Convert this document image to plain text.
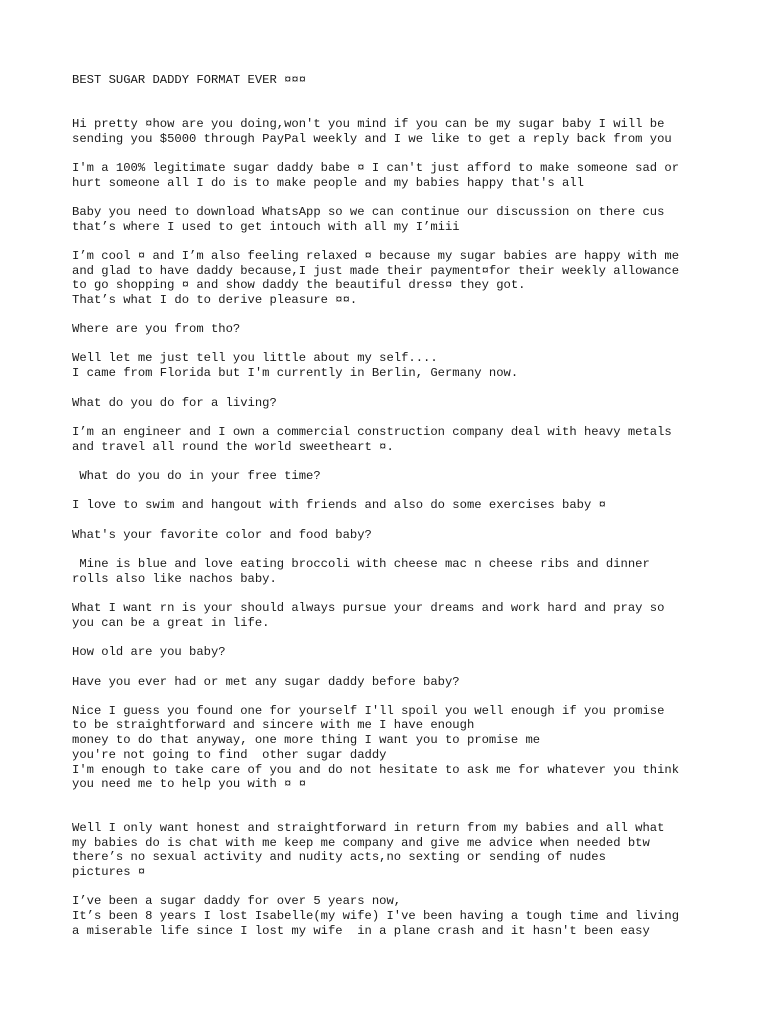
BEST SUGAR DADDY FORMAT EVER ¤¤¤

Hi pretty ¤how are you doing,won't you mind if you can be my sugar baby I will be

sending you $5000 through PayPal weekly and I we like to get a reply back from you

I'm a 100% legitimate sugar daddy babe ¤ I can't just afford to make someone sad or

hurt someone all I do is to make people and my babies happy that's all

Baby you need to download WhatsApp so we can continue our discussion on there cus

that’s where I used to get intouch with all my I’miii

I’m cool ¤ and I’m also feeling relaxed ¤ because my sugar babies are happy with me

and glad to have daddy because,I just made their payment¤for their weekly allowance

to go shopping ¤ and show daddy the beautiful dress¤ they got.

That’s what I do to derive pleasure ¤¤.

Where are you from tho?

Well let me just tell you little about my self....

I came from Florida but I'm currently in Berlin, Germany now.

What do you do for a living?

I’m an engineer and I own a commercial construction company deal with heavy metals

and travel all round the world sweetheart ¤.

What do you do in your free time?

I love to swim and hangout with friends and also do some exercises baby ¤

What's your favorite color and food baby?

Mine is blue and love eating broccoli with cheese mac n cheese ribs and dinner

rolls also like nachos baby.

What I want rn is your should always pursue your dreams and work hard and pray so

you can be a great in life.

How old are you baby?

Have you ever had or met any sugar daddy before baby?

Nice I guess you found one for yourself I'll spoil you well enough if you promise

to be straightforward and sincere with me I have enough

money to do that anyway, one more thing I want you to promise me

you're not going to find  other sugar daddy

I'm enough to take care of you and do not hesitate to ask me for whatever you think

you need me to help you with ¤ ¤

Well I only want honest and straightforward in return from my babies and all what

my babies do is chat with me keep me company and give me advice when needed btw

there’s no sexual activity and nudity acts,no sexting or sending of nudes

pictures ¤

I’ve been a sugar daddy for over 5 years now,

It’s been 8 years I lost Isabelle(my wife) I've been having a tough time and living

a miserable life since I lost my wife  in a plane crash and it hasn't been easy
